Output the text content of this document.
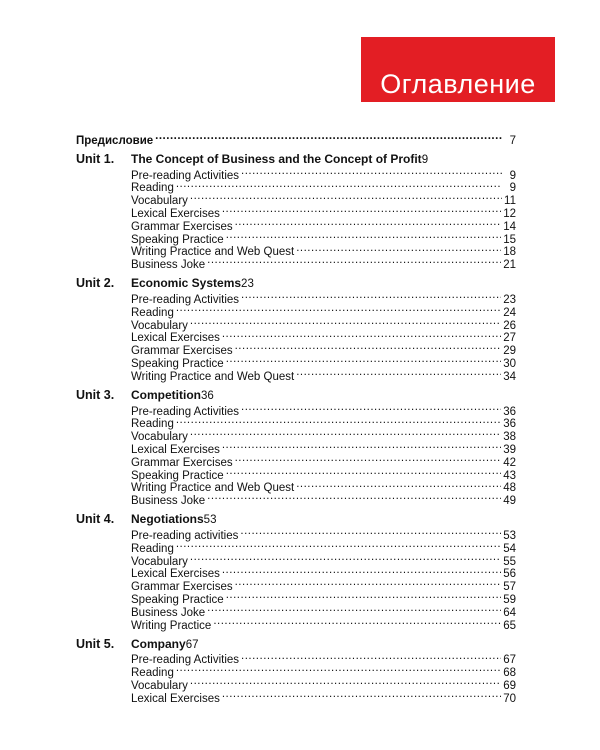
Оглавление
Предисловие .....	7
Unit 1.	The Concept of Business and the Concept of Profit 9
Pre-reading Activities .....	9
Reading .....	9
Vocabulary .....	11
Lexical Exercises .....	12
Grammar Exercises .....	14
Speaking Practice .....	15
Writing Practice and Web Quest .....	18
Business Joke .....	21
Unit 2.	Economic Systems 23
Pre-reading Activities .....	23
Reading .....	24
Vocabulary .....	26
Lexical Exercises .....	27
Grammar Exercises .....	29
Speaking Practice .....	30
Writing Practice and Web Quest .....	34
Unit 3.	Competition 36
Pre-reading Activities .....	36
Reading .....	36
Vocabulary .....	38
Lexical Exercises .....	39
Grammar Exercises .....	42
Speaking Practice .....	43
Writing Practice and Web Quest .....	48
Business Joke .....	49
Unit 4.	Negotiations 53
Pre-reading activities .....	53
Reading .....	54
Vocabulary .....	55
Lexical Exercises .....	56
Grammar Exercises .....	57
Speaking Practice .....	59
Business Joke .....	64
Writing Practice .....	65
Unit 5.	Company 67
Pre-reading Activities .....	67
Reading .....	68
Vocabulary .....	69
Lexical Exercises .....	70
